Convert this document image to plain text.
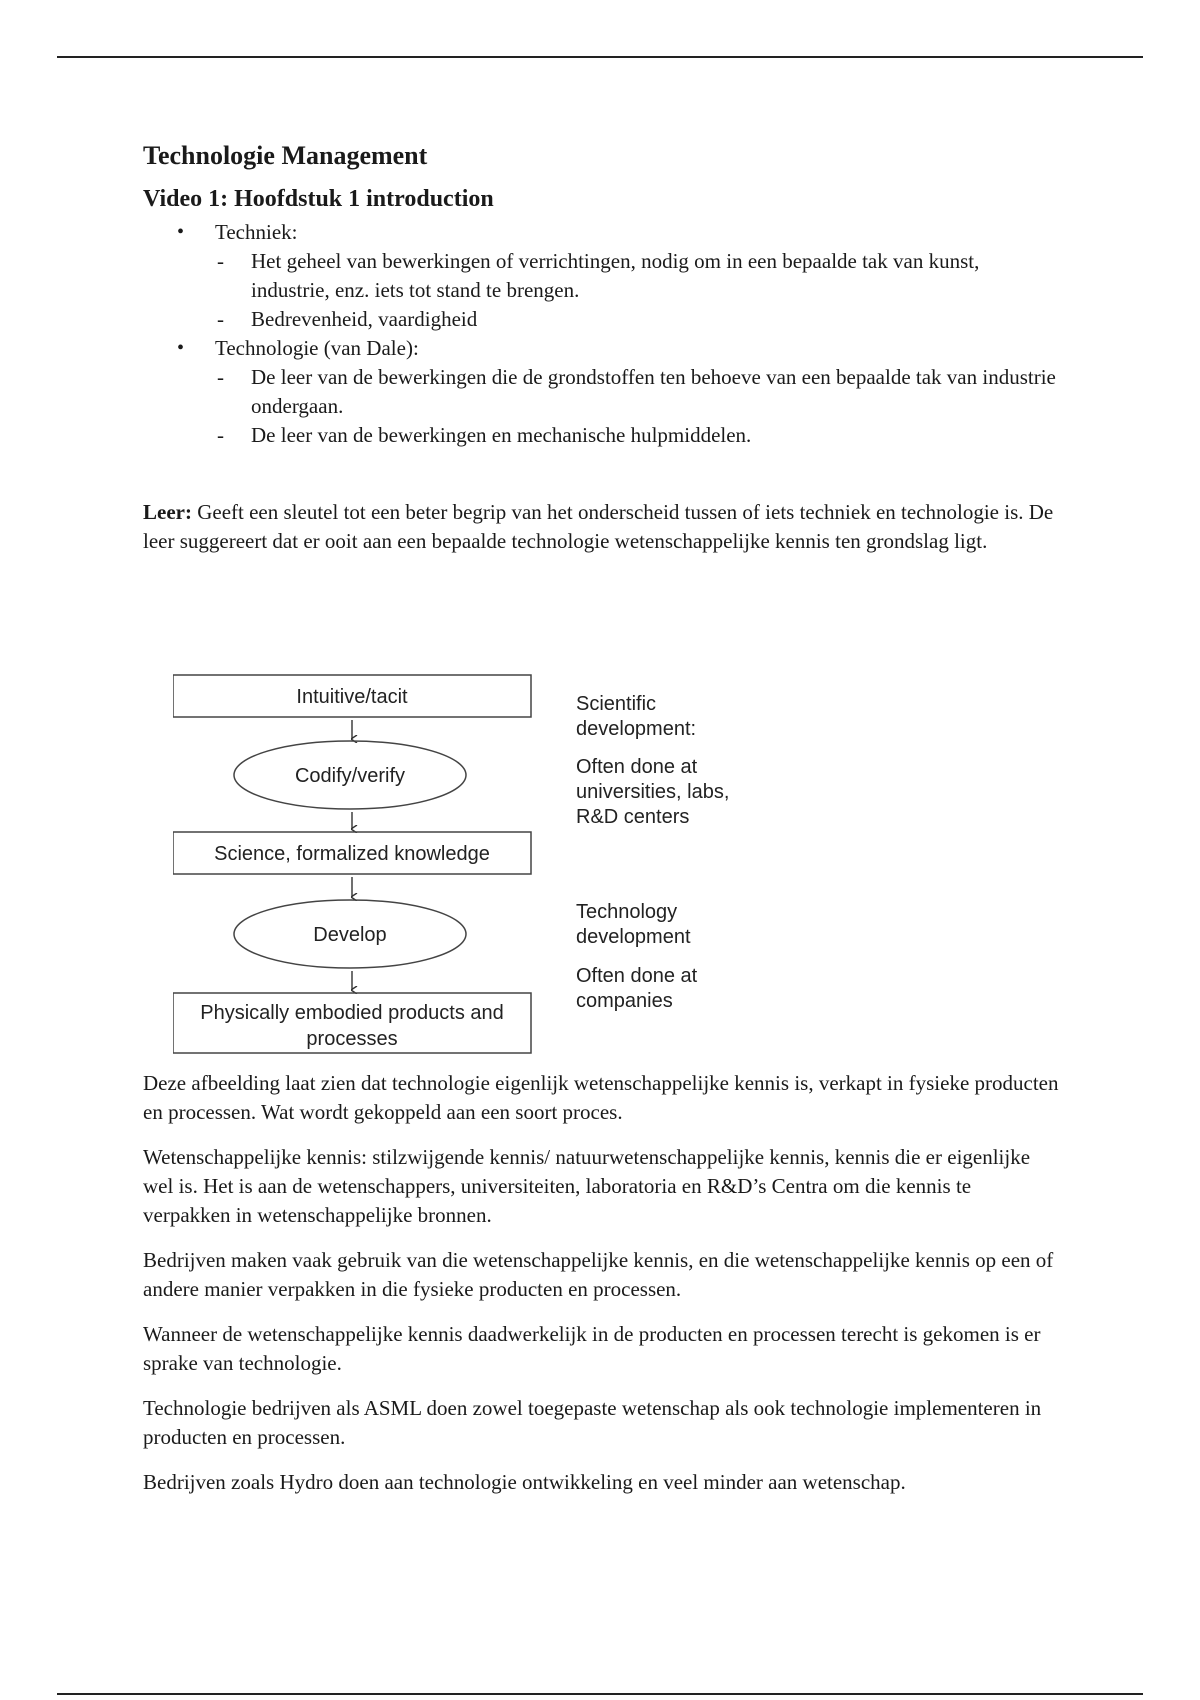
Technologie Management
Video 1: Hoofdstuk 1 introduction
• Techniek:
- Het geheel van bewerkingen of verrichtingen, nodig om in een bepaalde tak van kunst, industrie, enz. iets tot stand te brengen.
- Bedrevenheid, vaardigheid
• Technologie (van Dale):
- De leer van de bewerkingen die de grondstoffen ten behoeve van een bepaalde tak van industrie ondergaan.
- De leer van de bewerkingen en mechanische hulpmiddelen.

Leer: Geeft een sleutel tot een beter begrip van het onderscheid tussen of iets techniek en technologie is. De leer suggereert dat er ooit aan een bepaalde technologie wetenschappelijke kennis ten grondslag ligt.

Intuitive/tacit
Codify/verify
Science, formalized knowledge
Develop
Physically embodied products and
processes
Scientific
development:
Often done at
universities, labs,
R&D centers
Technology
development
Often done at
companies

Deze afbeelding laat zien dat technologie eigenlijk wetenschappelijke kennis is, verkapt in fysieke producten en processen. Wat wordt gekoppeld aan een soort proces.

Wetenschappelijke kennis: stilzwijgende kennis/ natuurwetenschappelijke kennis, kennis die er eigenlijke wel is. Het is aan de wetenschappers, universiteiten, laboratoria en R&D’s Centra om die kennis te verpakken in wetenschappelijke bronnen.

Bedrijven maken vaak gebruik van die wetenschappelijke kennis, en die wetenschappelijke kennis op een of andere manier verpakken in die fysieke producten en processen.

Wanneer de wetenschappelijke kennis daadwerkelijk in de producten en processen terecht is gekomen is er sprake van technologie.

Technologie bedrijven als ASML doen zowel toegepaste wetenschap als ook technologie implementeren in producten en processen.

Bedrijven zoals Hydro doen aan technologie ontwikkeling en veel minder aan wetenschap.
